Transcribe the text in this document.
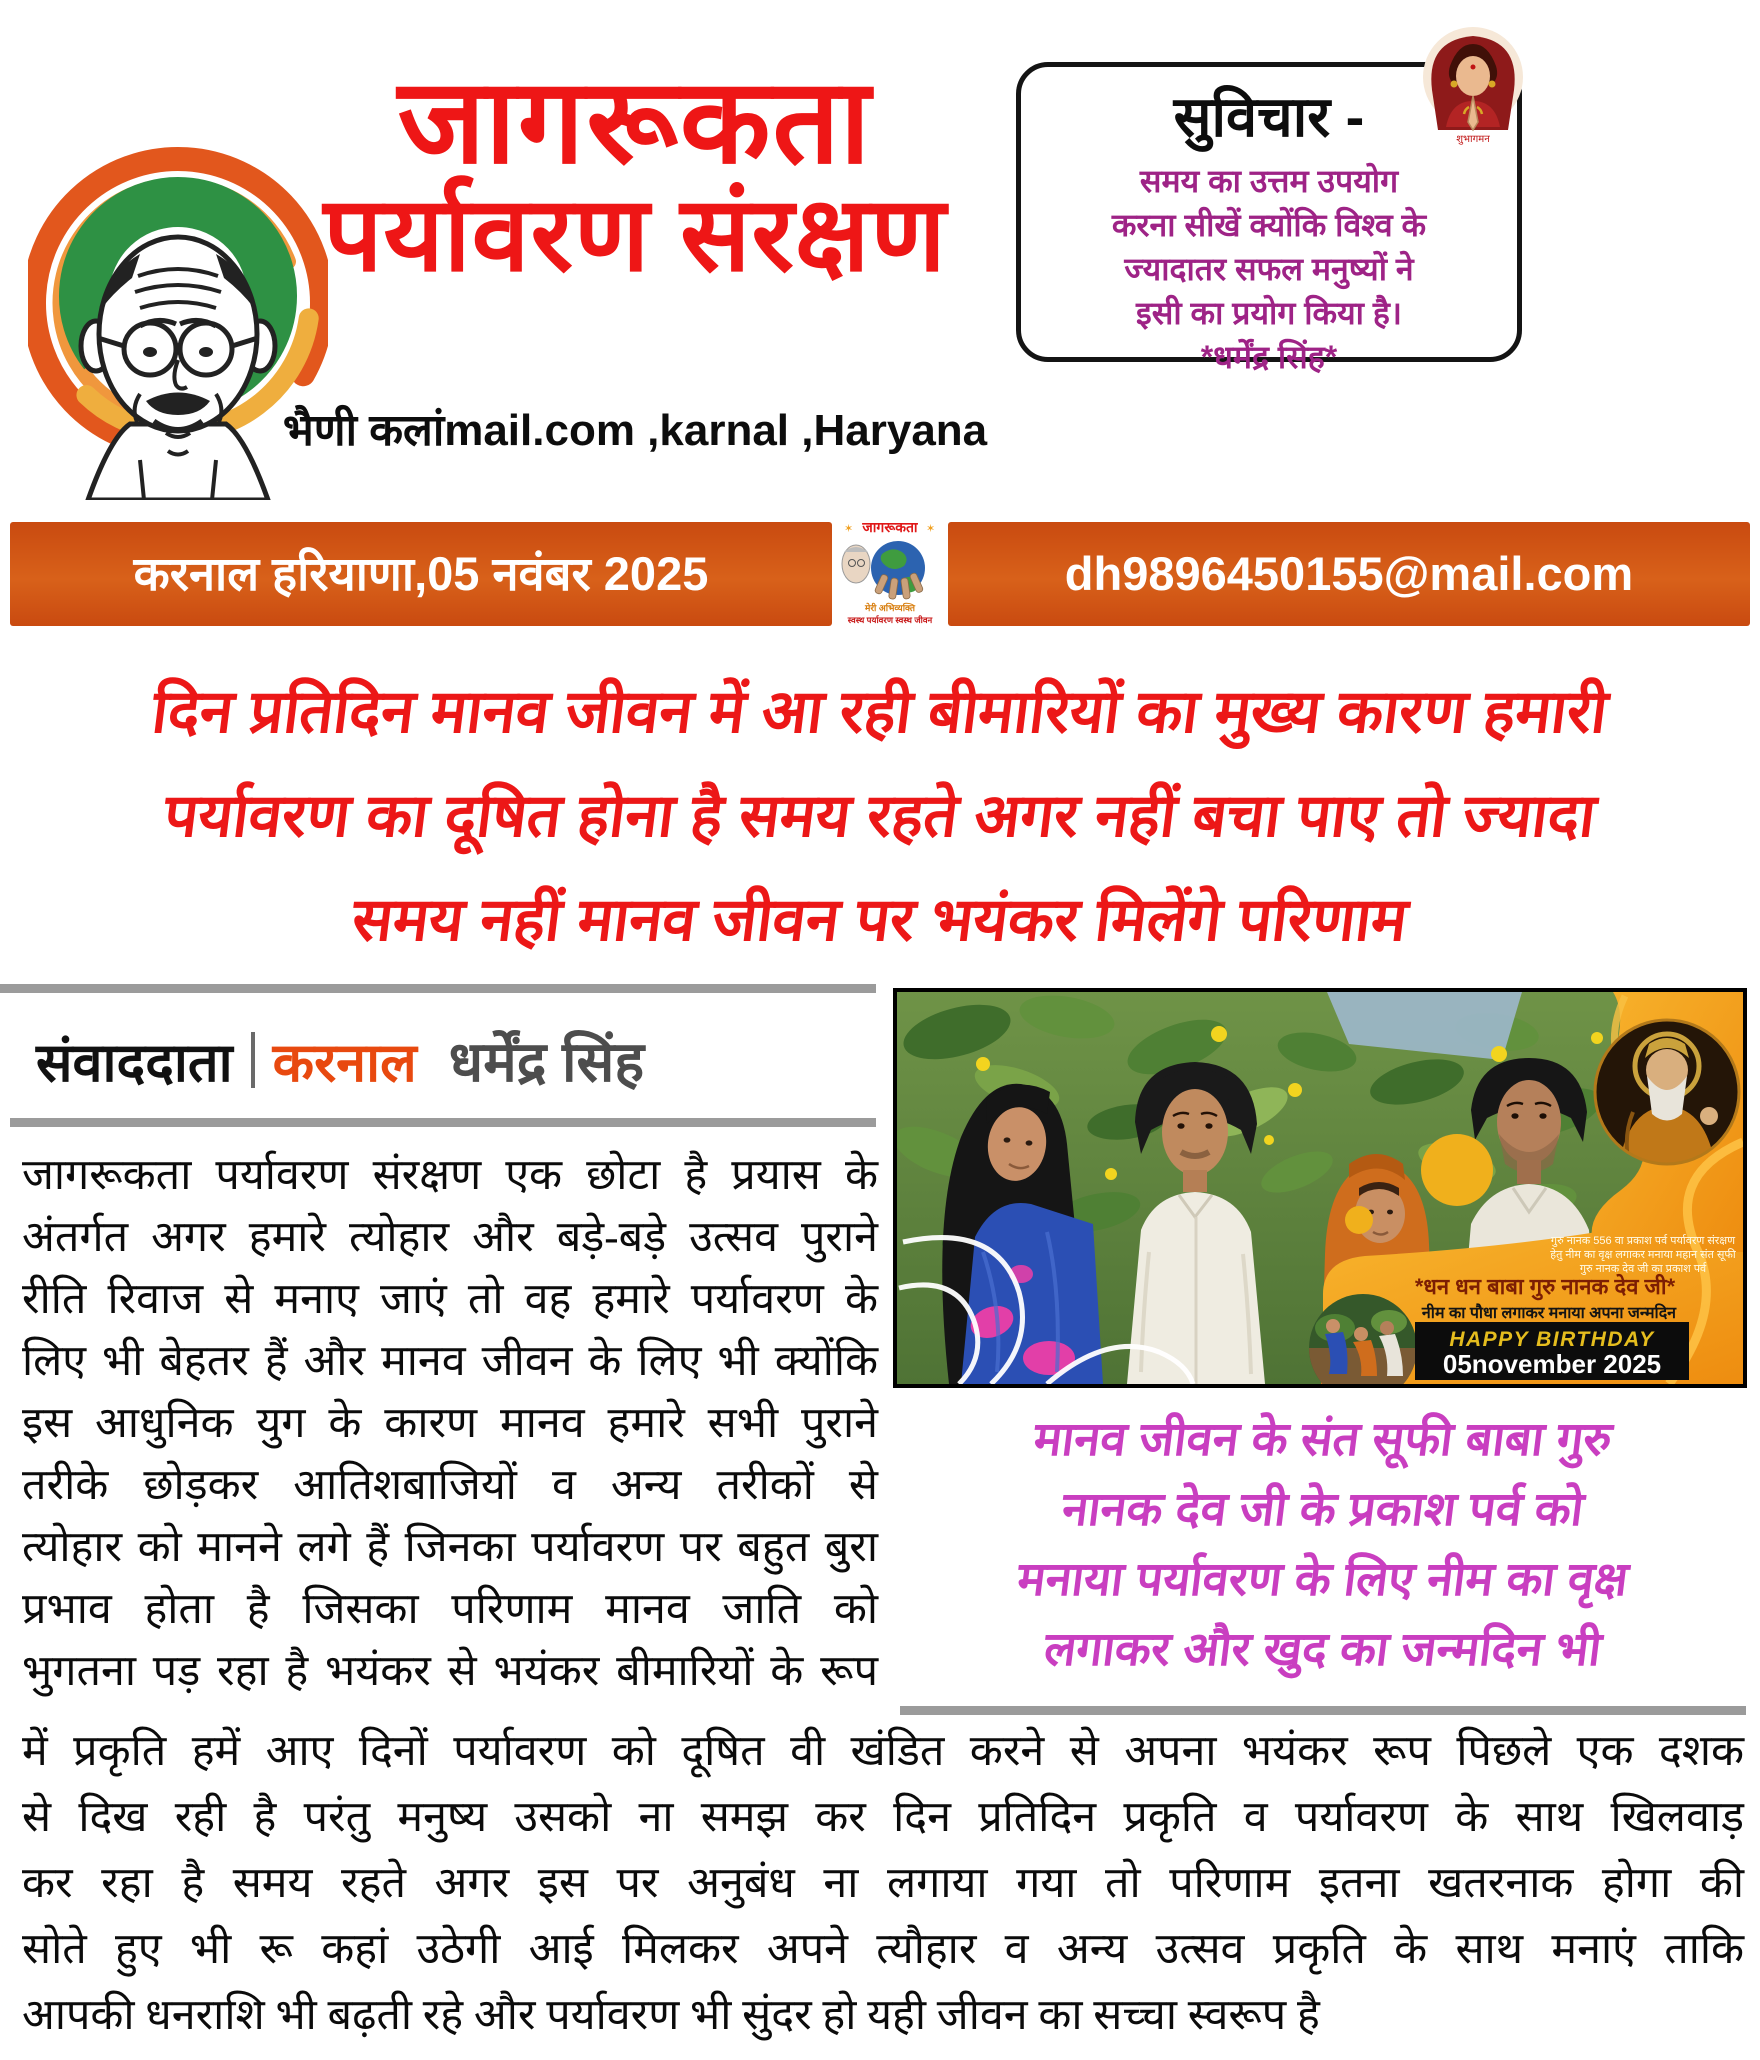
जागरूकता
पर्यावरण संरक्षण
भैणी कलांmail.com ,karnal ,Haryana
सुविचार -
समय का उत्तम उपयोग
करना सीखें क्योंकि विश्व के
ज्यादातर सफल मनुष्यों ने
इसी का प्रयोग किया है।
*धर्मेंद्र सिंह*
शुभागमन
करनाल हरियाणा,05 नवंबर 2025
जागरूकता
✶	✶
मेरी अभिव्यक्ति
स्वस्थ पर्यावरण स्वस्थ जीवन
dh9896450155@mail.com
दिन प्रतिदिन मानव जीवन में आ रही बीमारियों का मुख्य कारण हमारी
पर्यावरण का दूषित होना है समय रहते अगर नहीं बचा पाए तो ज्यादा
समय नहीं मानव जीवन पर भयंकर मिलेंगे परिणाम
संवाददाता करनाल धर्मेंद्र सिंह
जागरूकता पर्यावरण संरक्षण एक छोटा है प्रयास के
अंतर्गत अगर हमारे त्योहार और बड़े-बड़े उत्सव पुराने
रीति रिवाज से मनाए जाएं तो वह हमारे पर्यावरण के
लिए भी बेहतर हैं और मानव जीवन के लिए भी क्योंकि
इस आधुनिक युग के कारण मानव हमारे सभी पुराने
तरीके छोड़कर आतिशबाजियों व अन्य तरीकों से
त्योहार को मानने लगे हैं जिनका पर्यावरण पर बहुत बुरा
प्रभाव होता है जिसका परिणाम मानव जाति को
भुगतना पड़ रहा है भयंकर से भयंकर बीमारियों के रूप
गुरु नानक 556 वा प्रकाश पर्व पर्यावरण संरक्षण
हेतु नीम का वृक्ष लगाकर मनाया महान संत सूफी
गुरु नानक देव जी का प्रकाश पर्व
*धन धन बाबा गुरु नानक देव जी*
नीम का पौधा लगाकर मनाया अपना जन्मदिन
HAPPY BIRTHDAY
05november 2025
मानव जीवन के संत सूफी बाबा गुरु
नानक देव जी के प्रकाश पर्व को
मनाया पर्यावरण के लिए नीम का वृक्ष
लगाकर और खुद का जन्मदिन भी
में प्रकृति हमें आए दिनों पर्यावरण को दूषित वी खंडित करने से अपना भयंकर रूप पिछले एक दशक
से दिख रही है परंतु मनुष्य उसको ना समझ कर दिन प्रतिदिन प्रकृति व पर्यावरण के साथ खिलवाड़
कर रहा है समय रहते अगर इस पर अनुबंध ना लगाया गया तो परिणाम इतना खतरनाक होगा की
सोते हुए भी रू कहां उठेगी आई मिलकर अपने त्यौहार व अन्य उत्सव प्रकृति के साथ मनाएं ताकि
आपकी धनराशि भी बढ़ती रहे और पर्यावरण भी सुंदर हो यही जीवन का सच्चा स्वरूप है
